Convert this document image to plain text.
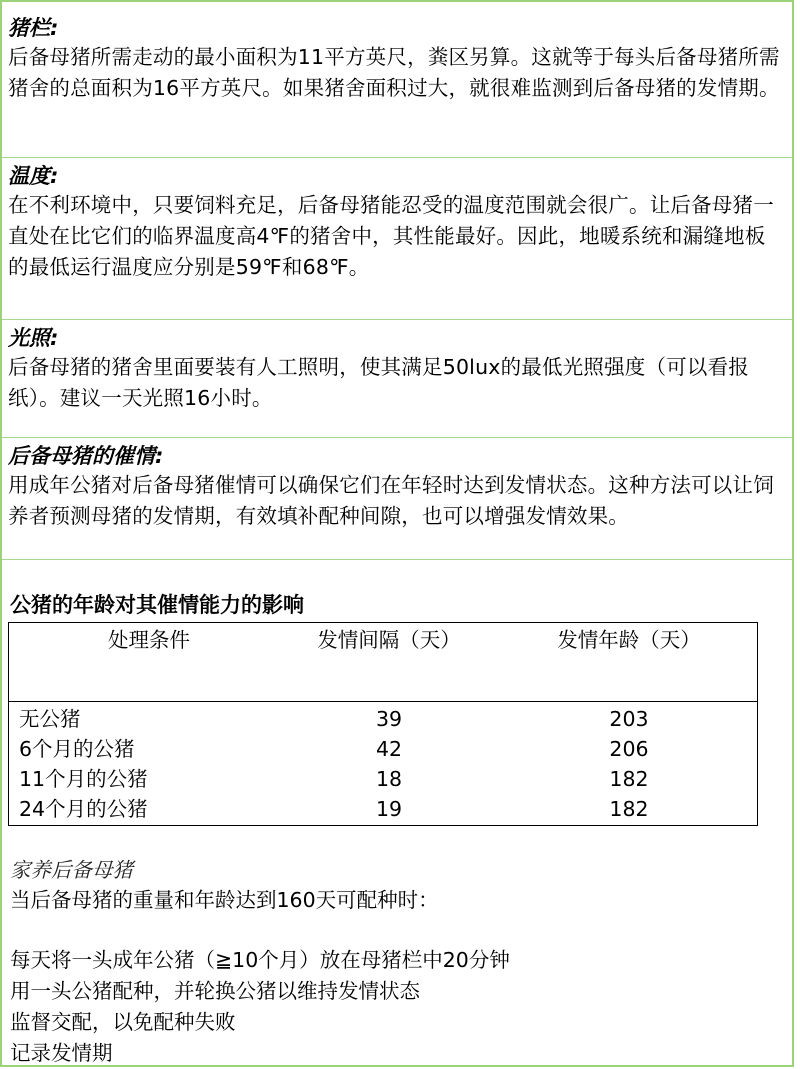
猪栏:
后备母猪所需走动的最小面积为11平方英尺，粪区另算。这就等于每头后备母猪所需猪舍的总面积为16平方英尺。如果猪舍面积过大，就很难监测到后备母猪的发情期。
温度:
在不利环境中，只要饲料充足，后备母猪能忍受的温度范围就会很广。让后备母猪一直处在比它们的临界温度高4℉的猪舍中，其性能最好。因此，地暖系统和漏缝地板的最低运行温度应分别是59℉和68℉。
光照:
后备母猪的猪舍里面要装有人工照明，使其满足50lux的最低光照强度（可以看报纸）。建议一天光照16小时。
后备母猪的催情:
用成年公猪对后备母猪催情可以确保它们在年轻时达到发情状态。这种方法可以让饲养者预测母猪的发情期，有效填补配种间隙，也可以增强发情效果。
公猪的年龄对其催情能力的影响
处理条件	发情间隔（天）	发情年龄（天）
无公猪	39	203
6个月的公猪	42	206
11个月的公猪	18	182
24个月的公猪	19	182
家养后备母猪
当后备母猪的重量和年龄达到160天可配种时：
每天将一头成年公猪（≧10个月）放在母猪栏中20分钟
用一头公猪配种，并轮换公猪以维持发情状态
监督交配，以免配种失败
记录发情期
